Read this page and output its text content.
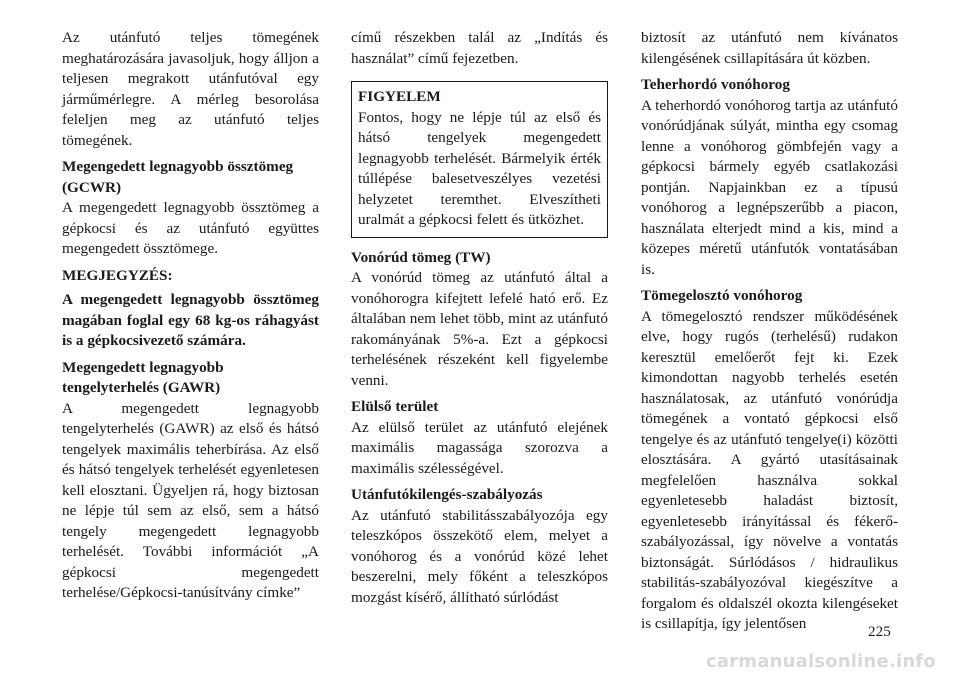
Az utánfutó teljes tömegének meghatározására javasoljuk, hogy álljon a teljesen megrakott utánfutóval egy járműmérlegre. A mérleg besorolása feleljen meg az utánfutó teljes tömegének.

Megengedett legnagyobb össztömeg (GCWR)

A megengedett legnagyobb össztömeg a gépkocsi és az utánfutó együttes megengedett össztömege.

MEGJEGYZÉS:

A megengedett legnagyobb össztömeg magában foglal egy 68 kg-os ráhagyást is a gépkocsivezető számára.

Megengedett legnagyobb tengelyterhelés (GAWR)

A megengedett legnagyobb tengelyterhelés (GAWR) az első és hátsó tengelyek maximális teherbírása. Az első és hátsó tengelyek terhelését egyenletesen kell elosztani. Ügyeljen rá, hogy biztosan ne lépje túl sem az első, sem a hátsó tengely megengedett legnagyobb terhelését. További információt „A gépkocsi megengedett terhelése/Gépkocsi-tanúsítvány címke”

című részekben talál az „Indítás és használat” című fejezetben.

FIGYELEM

Fontos, hogy ne lépje túl az első és hátsó tengelyek megengedett legnagyobb terhelését. Bármelyik érték túllépése balesetveszélyes vezetési helyzetet teremthet. Elveszítheti uralmát a gépkocsi felett és ütközhet.

Vonórúd tömeg (TW)

A vonórúd tömeg az utánfutó által a vonóhorogra kifejtett lefelé ható erő. Ez általában nem lehet több, mint az utánfutó rakományának 5%-a. Ezt a gépkocsi terhelésének részeként kell figyelembe venni.

Elülső terület

Az elülső terület az utánfutó elejének maximális magassága szorozva a maximális szélességével.

Utánfutókilengés-szabályozás

Az utánfutó stabilitásszabályozója egy teleszkópos összekötő elem, melyet a vonóhorog és a vonórúd közé lehet beszerelni, mely főként a teleszkópos mozgást kísérő, állítható súrlódást

biztosít az utánfutó nem kívánatos kilengésének csillapítására út közben.

Teherhordó vonóhorog

A teherhordó vonóhorog tartja az utánfutó vonórúdjának súlyát, mintha egy csomag lenne a vonóhorog gömbfején vagy a gépkocsi bármely egyéb csatlakozási pontján. Napjainkban ez a típusú vonóhorog a legnépszerűbb a piacon, használata elterjedt mind a kis, mind a közepes méretű utánfutók vontatásában is.

Tömegelosztó vonóhorog

A tömegelosztó rendszer működésének elve, hogy rugós (terhelésű) rudakon keresztül emelőerőt fejt ki. Ezek kimondottan nagyobb terhelés esetén használatosak, az utánfutó vonórúdja tömegének a vontató gépkocsi első tengelye és az utánfutó tengelye(i) közötti elosztására. A gyártó utasításainak megfelelően használva sokkal egyenletesebb haladást biztosít, egyenletesebb irányítással és fékerő-szabályozással, így növelve a vontatás biztonságát. Súrlódásos / hidraulikus stabilitás-szabályozóval kiegészítve a forgalom és oldalszél okozta kilengéseket is csillapítja, így jelentősen	225
carmanualsonline.info
